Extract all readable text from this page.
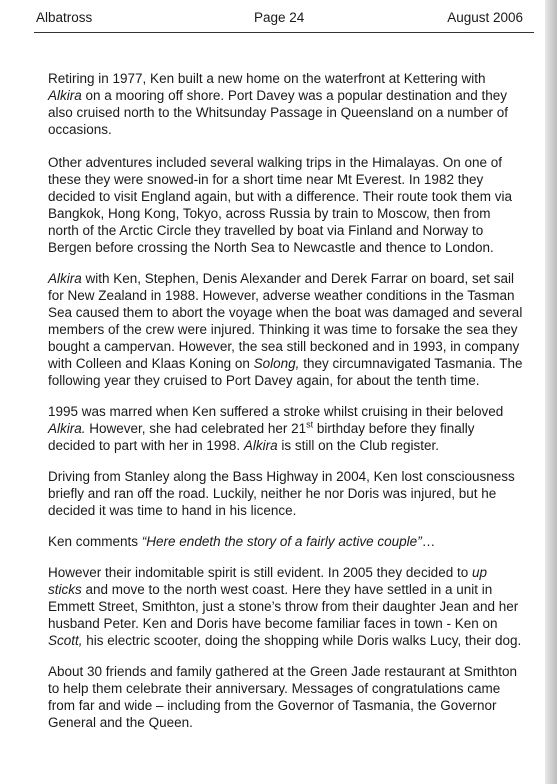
Albatross	Page 24	August 2006

Retiring in 1977, Ken built a new home on the waterfront at Kettering with
Alkira on a mooring off shore. Port Davey was a popular destination and they also cruised north to the Whitsunday Passage in Queensland on a number of occasions.

Other adventures included several walking trips in the Himalayas. On one of these they were snowed-in for a short time near Mt Everest. In 1982 they decided to visit England again, but with a difference. Their route took them via Bangkok, Hong Kong, Tokyo, across Russia by train to Moscow, then from north of the Arctic Circle they travelled by boat via Finland and Norway to Bergen before crossing the North Sea to Newcastle and thence to London.

Alkira with Ken, Stephen, Denis Alexander and Derek Farrar on board, set sail for New Zealand in 1988. However, adverse weather conditions in the Tasman Sea caused them to abort the voyage when the boat was damaged and several members of the crew were injured. Thinking it was time to forsake the sea they bought a campervan. However, the sea still beckoned and in 1993, in company with Colleen and Klaas Koning on Solong, they circumnavigated Tasmania. The following year they cruised to Port Davey again, for about the tenth time.

1995 was marred when Ken suffered a stroke whilst cruising in their beloved Alkira. However, she had celebrated her 21st birthday before they finally decided to part with her in 1998. Alkira is still on the Club register.

Driving from Stanley along the Bass Highway in 2004, Ken lost consciousness briefly and ran off the road. Luckily, neither he nor Doris was injured, but he decided it was time to hand in his licence.

Ken comments “Here endeth the story of a fairly active couple”…

However their indomitable spirit is still evident. In 2005 they decided to up sticks and move to the north west coast. Here they have settled in a unit in Emmett Street, Smithton, just a stone’s throw from their daughter Jean and her husband Peter. Ken and Doris have become familiar faces in town - Ken on Scott, his electric scooter, doing the shopping while Doris walks Lucy, their dog.

About 30 friends and family gathered at the Green Jade restaurant at Smithton to help them celebrate their anniversary. Messages of congratulations came from far and wide – including from the Governor of Tasmania, the Governor General and the Queen.
